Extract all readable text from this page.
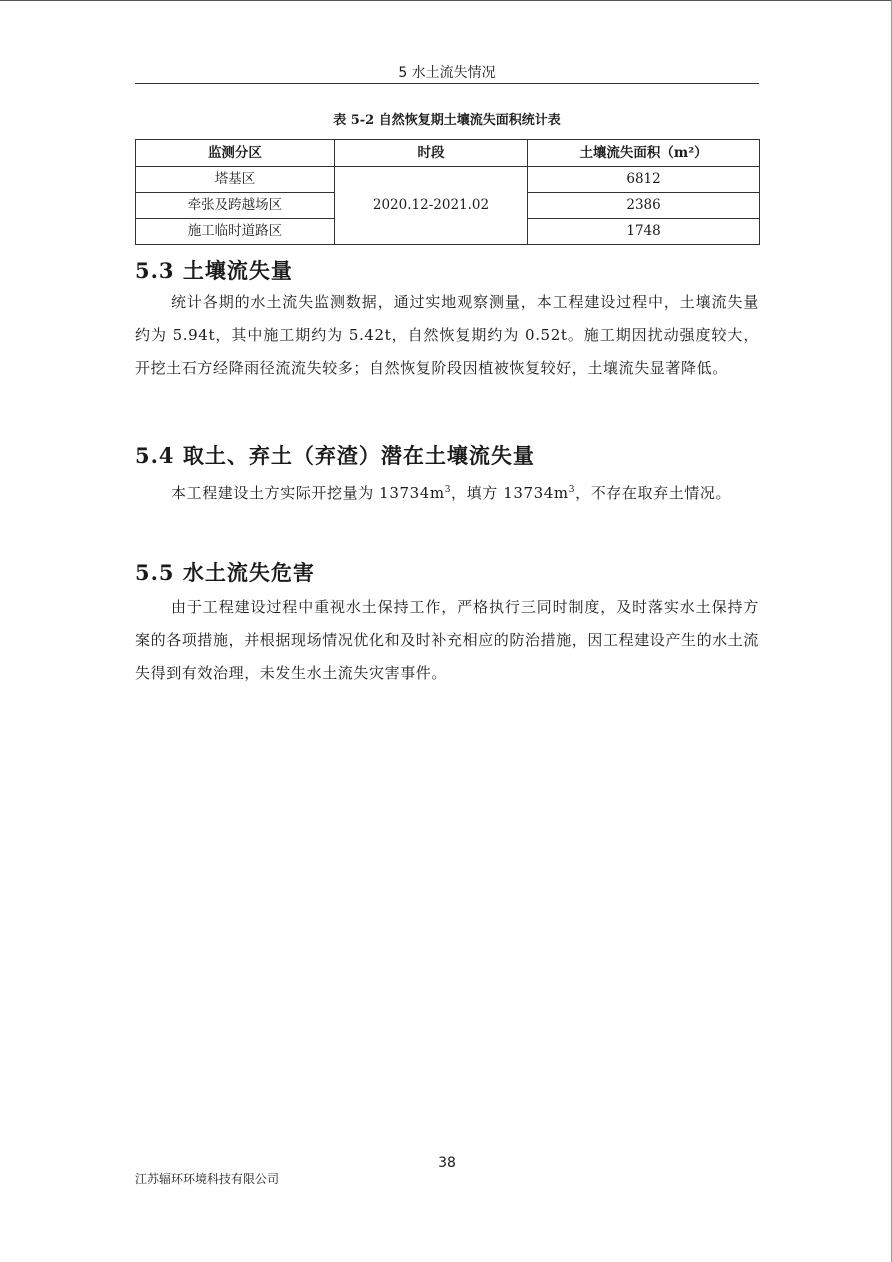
5 水土流失情况
表 5-2 自然恢复期土壤流失面积统计表
监测分区	时段	土壤流失面积（m²）
塔基区	2020.12-2021.02	6812
牵张及跨越场区		2386
施工临时道路区		1748
5.3 土壤流失量

统计各期的水土流失监测数据，通过实地观察测量，本工程建设过程中，土壤流失量约为 5.94t，其中施工期约为 5.42t，自然恢复期约为 0.52t。施工期因扰动强度较大，开挖土石方经降雨径流流失较多；自然恢复阶段因植被恢复较好，土壤流失显著降低。

5.4 取土、弃土（弃渣）潜在土壤流失量

本工程建设土方实际开挖量为 $13734m^3$，填方 $13734m^3$，不存在取弃土情况。

5.5 水土流失危害

由于工程建设过程中重视水土保持工作，严格执行三同时制度，及时落实水土保持方案的各项措施，并根据现场情况优化和及时补充相应的防治措施，因工程建设产生的水土流失得到有效治理，未发生水土流失灾害事件。

38
江苏辐环环境科技有限公司
